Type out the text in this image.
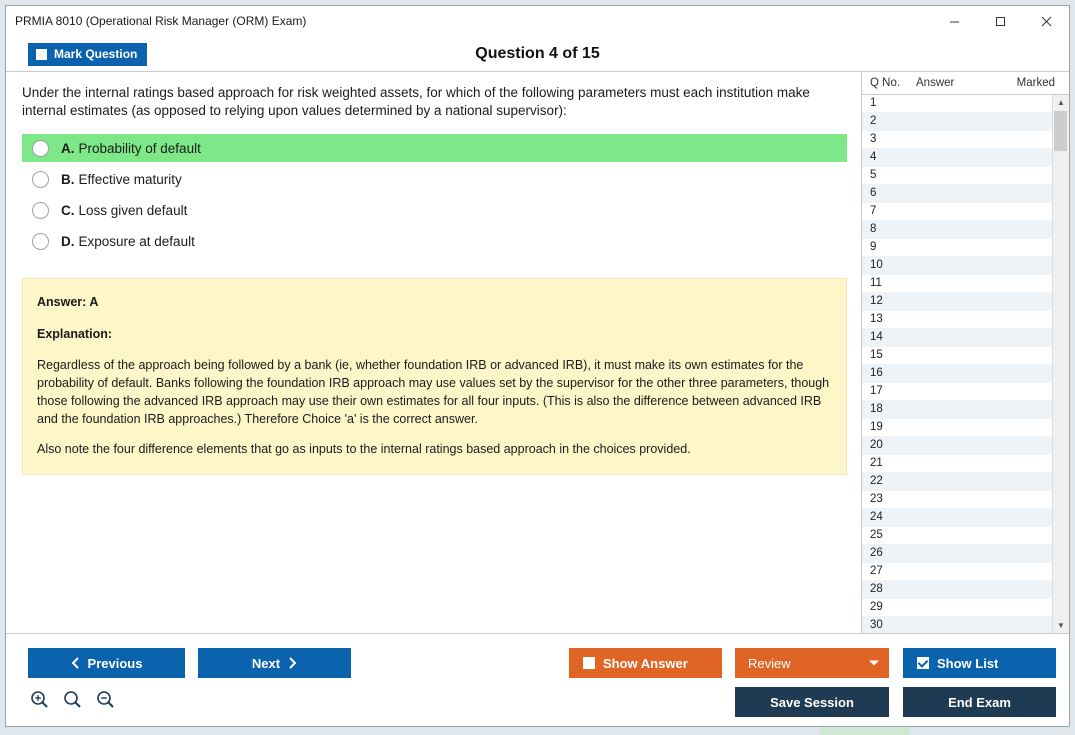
PRMIA 8010 (Operational Risk Manager (ORM) Exam)
Mark Question	Question 4 of 15
Under the internal ratings based approach for risk weighted assets, for which of the following parameters must each institution make internal estimates (as opposed to relying upon values determined by a national supervisor):
A. Probability of default
B. Effective maturity
C. Loss given default
D. Exposure at default

Answer: A

Explanation:

Regardless of the approach being followed by a bank (ie, whether foundation IRB or advanced IRB), it must make its own estimates for the probability of default. Banks following the foundation IRB approach may use values set by the supervisor for the other three parameters, though those following the advanced IRB approach may use their own estimates for all four inputs. (This is also the difference between advanced IRB and the foundation IRB approaches.) Therefore Choice 'a' is the correct answer.

Also note the four difference elements that go as inputs to the internal ratings based approach in the choices provided.

Q No.	Answer	Marked
1
2
3
4
5
6
7
8
9
10
11
12
13
14
15
16
17
18
19
20
21
22
23
24
25
26
27
28
29
30
▲
▼
Previous	Next	Show Answer	Review	Show List
Save Session	End Exam
